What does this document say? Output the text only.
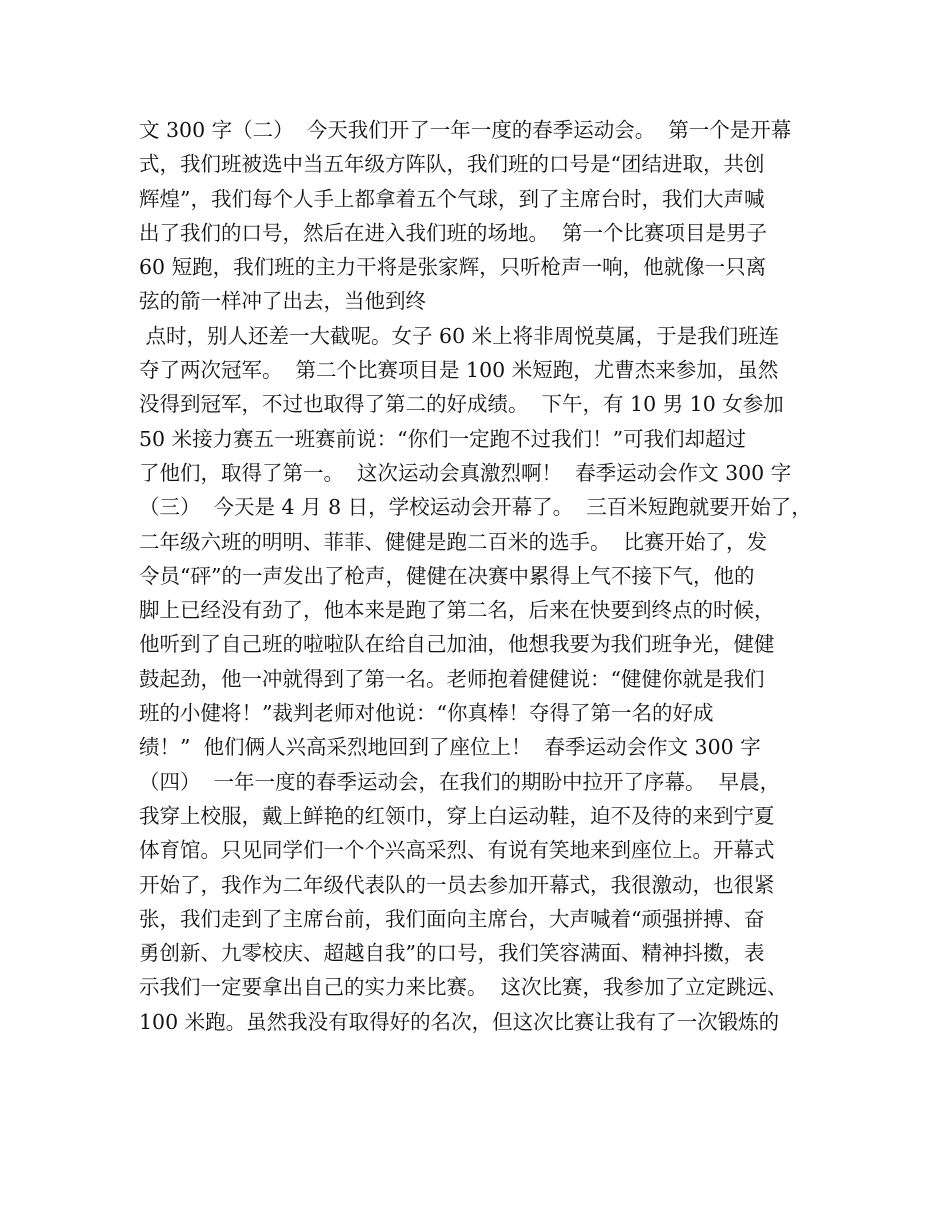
文 300 字（二）  今天我们开了一年一度的春季运动会。  第一个是开幕
式，我们班被选中当五年级方阵队，我们班的口号是“团结进取，共创
辉煌”，我们每个人手上都拿着五个气球，到了主席台时，我们大声喊
出了我们的口号，然后在进入我们班的场地。  第一个比赛项目是男子
60 短跑，我们班的主力干将是张家辉，只听枪声一响，他就像一只离
弦的箭一样冲了出去，当他到终
点时，别人还差一大截呢。女子 60 米上将非周悦莫属，于是我们班连
夺了两次冠军。  第二个比赛项目是 100 米短跑，尤曹杰来参加，虽然
没得到冠军，不过也取得了第二的好成绩。  下午，有 10 男 10 女参加
50 米接力赛五一班赛前说：“你们一定跑不过我们！”可我们却超过
了他们，取得了第一。  这次运动会真激烈啊！  春季运动会作文 300 字
（三）  今天是 4 月 8 日，学校运动会开幕了。  三百米短跑就要开始了，
二年级六班的明明、菲菲、健健是跑二百米的选手。  比赛开始了，发
令员“砰”的一声发出了枪声，健健在决赛中累得上气不接下气，他的
脚上已经没有劲了，他本来是跑了第二名，后来在快要到终点的时候，
他听到了自己班的啦啦队在给自己加油，他想我要为我们班争光，健健
鼓起劲，他一冲就得到了第一名。老师抱着健健说：“健健你就是我们
班的小健将！”裁判老师对他说：“你真棒！夺得了第一名的好成
绩！”  他们俩人兴高采烈地回到了座位上！  春季运动会作文 300 字
（四）  一年一度的春季运动会，在我们的期盼中拉开了序幕。  早晨，
我穿上校服，戴上鲜艳的红领巾，穿上白运动鞋，迫不及待的来到宁夏
体育馆。只见同学们一个个兴高采烈、有说有笑地来到座位上。开幕式
开始了，我作为二年级代表队的一员去参加开幕式，我很激动，也很紧
张，我们走到了主席台前，我们面向主席台，大声喊着“顽强拼搏、奋
勇创新、九零校庆、超越自我”的口号，我们笑容满面、精神抖擞，表
示我们一定要拿出自己的实力来比赛。  这次比赛，我参加了立定跳远、
100 米跑。虽然我没有取得好的名次，但这次比赛让我有了一次锻炼的
